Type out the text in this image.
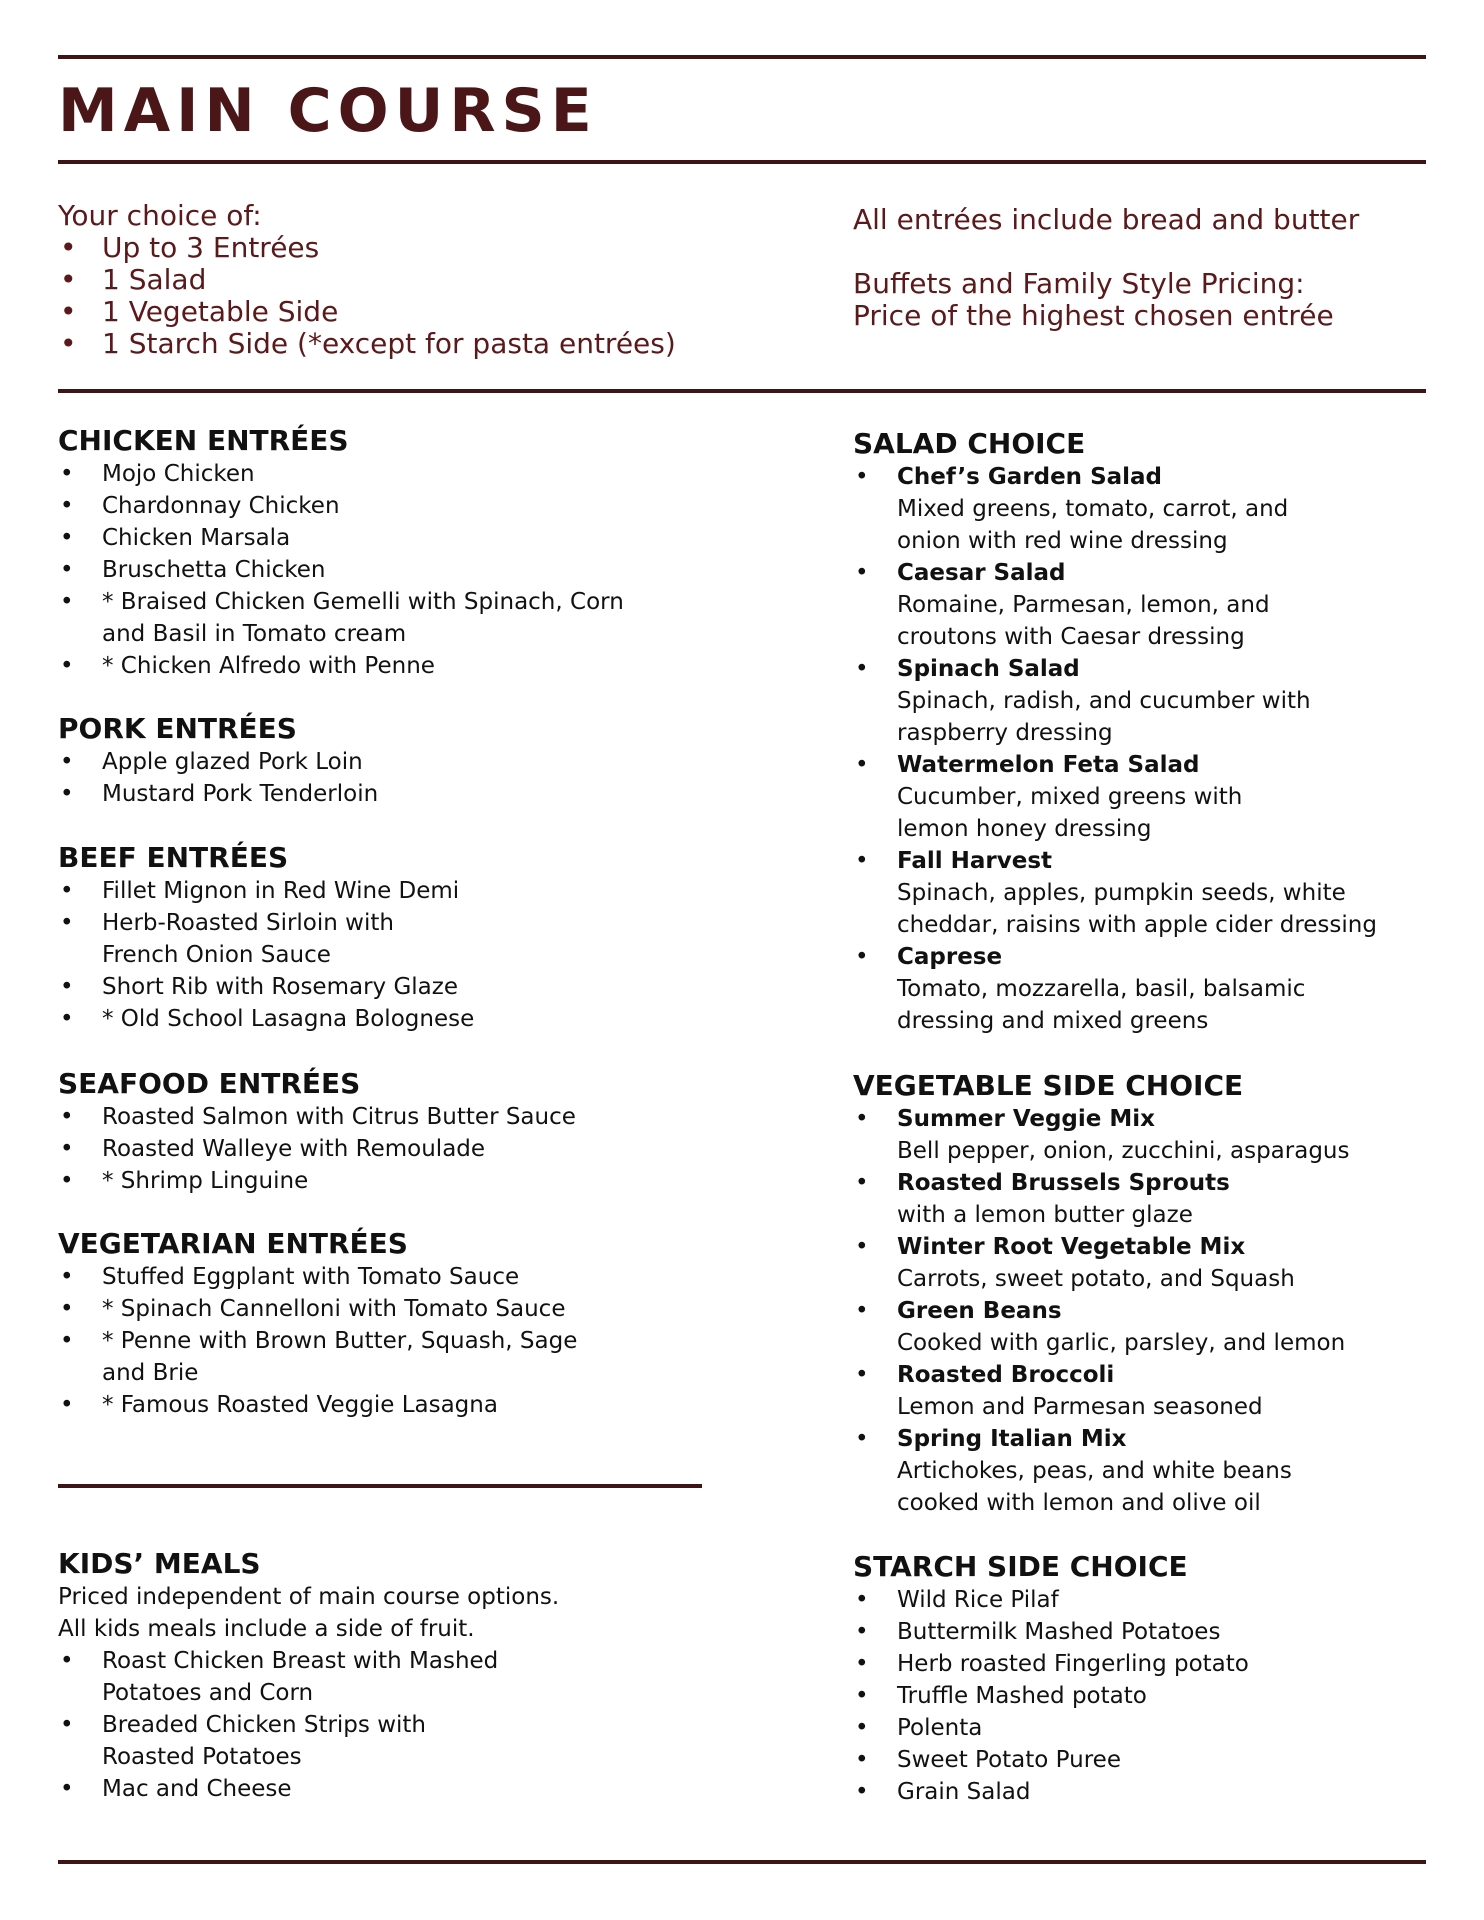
MAIN COURSE

Your choice of:

• Up to 3 Entrées
• 1 Salad
• 1 Vegetable Side
• 1 Starch Side (*except for pasta entrées)

All entrées include bread and butter

Buffets and Family Style Pricing:

Price of the highest chosen entrée

CHICKEN ENTRÉES
• Mojo Chicken
• Chardonnay Chicken
• Chicken Marsala
• Bruschetta Chicken
• * Braised Chicken Gemelli with Spinach, Corn and Basil in Tomato cream
• * Chicken Alfredo with Penne
PORK ENTRÉES
• Apple glazed Pork Loin
• Mustard Pork Tenderloin
BEEF ENTRÉES
• Fillet Mignon in Red Wine Demi
• Herb-Roasted Sirloin with French Onion Sauce
• Short Rib with Rosemary Glaze
• * Old School Lasagna Bolognese
SEAFOOD ENTRÉES
• Roasted Salmon with Citrus Butter Sauce
• Roasted Walleye with Remoulade
• * Shrimp Linguine
VEGETARIAN ENTRÉES
• Stuffed Eggplant with Tomato Sauce
• * Spinach Cannelloni with Tomato Sauce
• * Penne with Brown Butter, Squash, Sage and Brie
• * Famous Roasted Veggie Lasagna
KIDS’ MEALS

Priced independent of main course options.

All kids meals include a side of fruit.

• Roast Chicken Breast with Mashed Potatoes and Corn
• Breaded Chicken Strips with Roasted Potatoes
• Mac and Cheese
SALAD CHOICE
• Chef’s Garden Salad
Mixed greens, tomato, carrot, and onion with red wine dressing
• Caesar Salad
Romaine, Parmesan, lemon, and croutons with Caesar dressing
• Spinach Salad
Spinach, radish, and cucumber with raspberry dressing
• Watermelon Feta Salad
Cucumber, mixed greens with lemon honey dressing
• Fall Harvest
Spinach, apples, pumpkin seeds, white cheddar, raisins with apple cider dressing
• Caprese
Tomato, mozzarella, basil, balsamic dressing and mixed greens
VEGETABLE SIDE CHOICE
• Summer Veggie Mix
Bell pepper, onion, zucchini, asparagus
• Roasted Brussels Sprouts
with a lemon butter glaze
• Winter Root Vegetable Mix
Carrots, sweet potato, and Squash
• Green Beans
Cooked with garlic, parsley, and lemon
• Roasted Broccoli
Lemon and Parmesan seasoned
• Spring Italian Mix
Artichokes, peas, and white beans cooked with lemon and olive oil
STARCH SIDE CHOICE
• Wild Rice Pilaf
• Buttermilk Mashed Potatoes
• Herb roasted Fingerling potato
• Truffle Mashed potato
• Polenta
• Sweet Potato Puree
• Grain Salad
